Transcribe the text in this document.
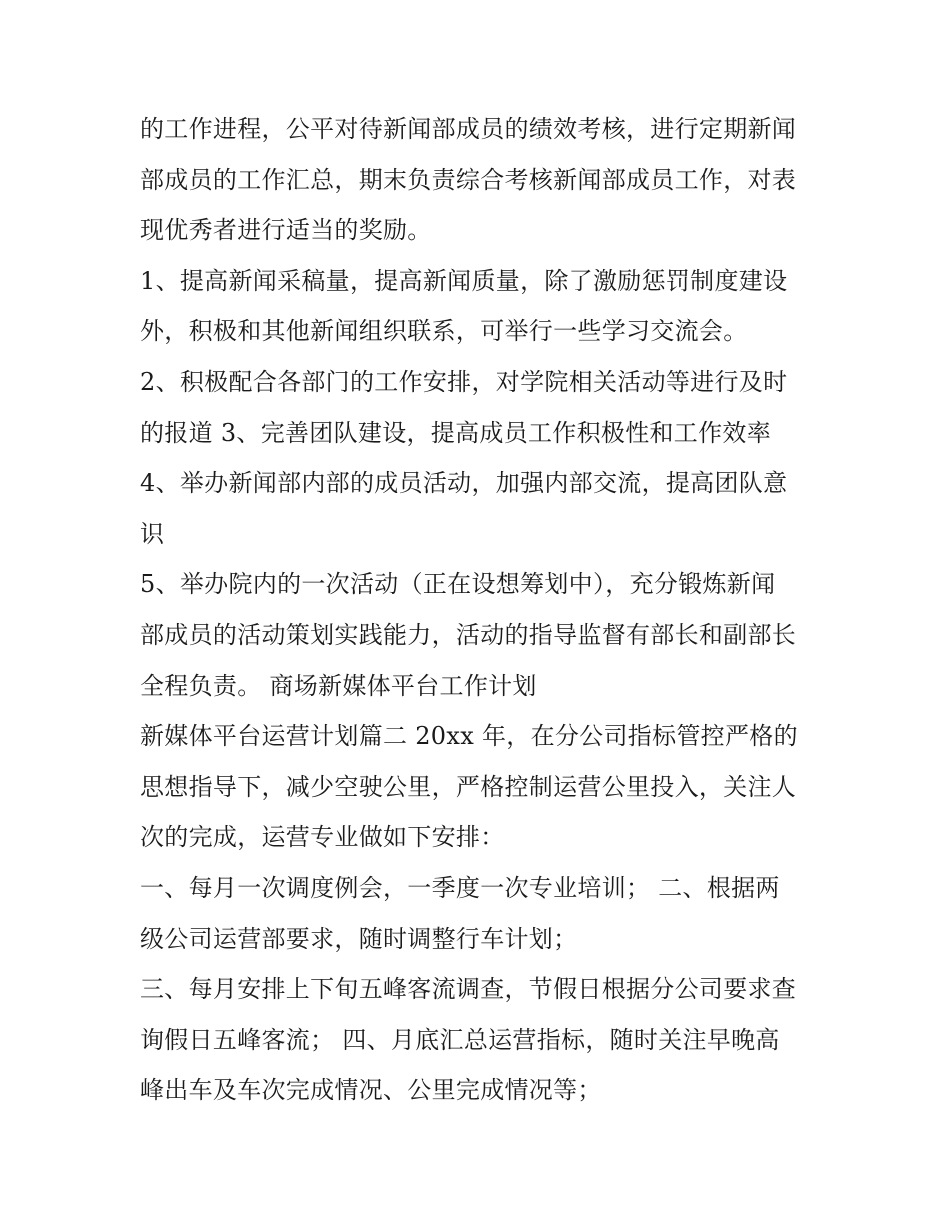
的工作进程，公平对待新闻部成员的绩效考核，进行定期新闻
部成员的工作汇总，期末负责综合考核新闻部成员工作，对表
现优秀者进行适当的奖励。
1、提高新闻采稿量，提高新闻质量，除了激励惩罚制度建设
外，积极和其他新闻组织联系，可举行一些学习交流会。
2、积极配合各部门的工作安排，对学院相关活动等进行及时
的报道 3、完善团队建设，提高成员工作积极性和工作效率
4、举办新闻部内部的成员活动，加强内部交流，提高团队意
识
5、举办院内的一次活动（正在设想筹划中），充分锻炼新闻
部成员的活动策划实践能力，活动的指导监督有部长和副部长
全程负责。 商场新媒体平台工作计划
新媒体平台运营计划篇二 20xx 年，在分公司指标管控严格的
思想指导下，减少空驶公里，严格控制运营公里投入，关注人
次的完成，运营专业做如下安排：
一、每月一次调度例会，一季度一次专业培训； 二、根据两
级公司运营部要求，随时调整行车计划；
三、每月安排上下旬五峰客流调查，节假日根据分公司要求查
询假日五峰客流； 四、月底汇总运营指标，随时关注早晚高
峰出车及车次完成情况、公里完成情况等；
